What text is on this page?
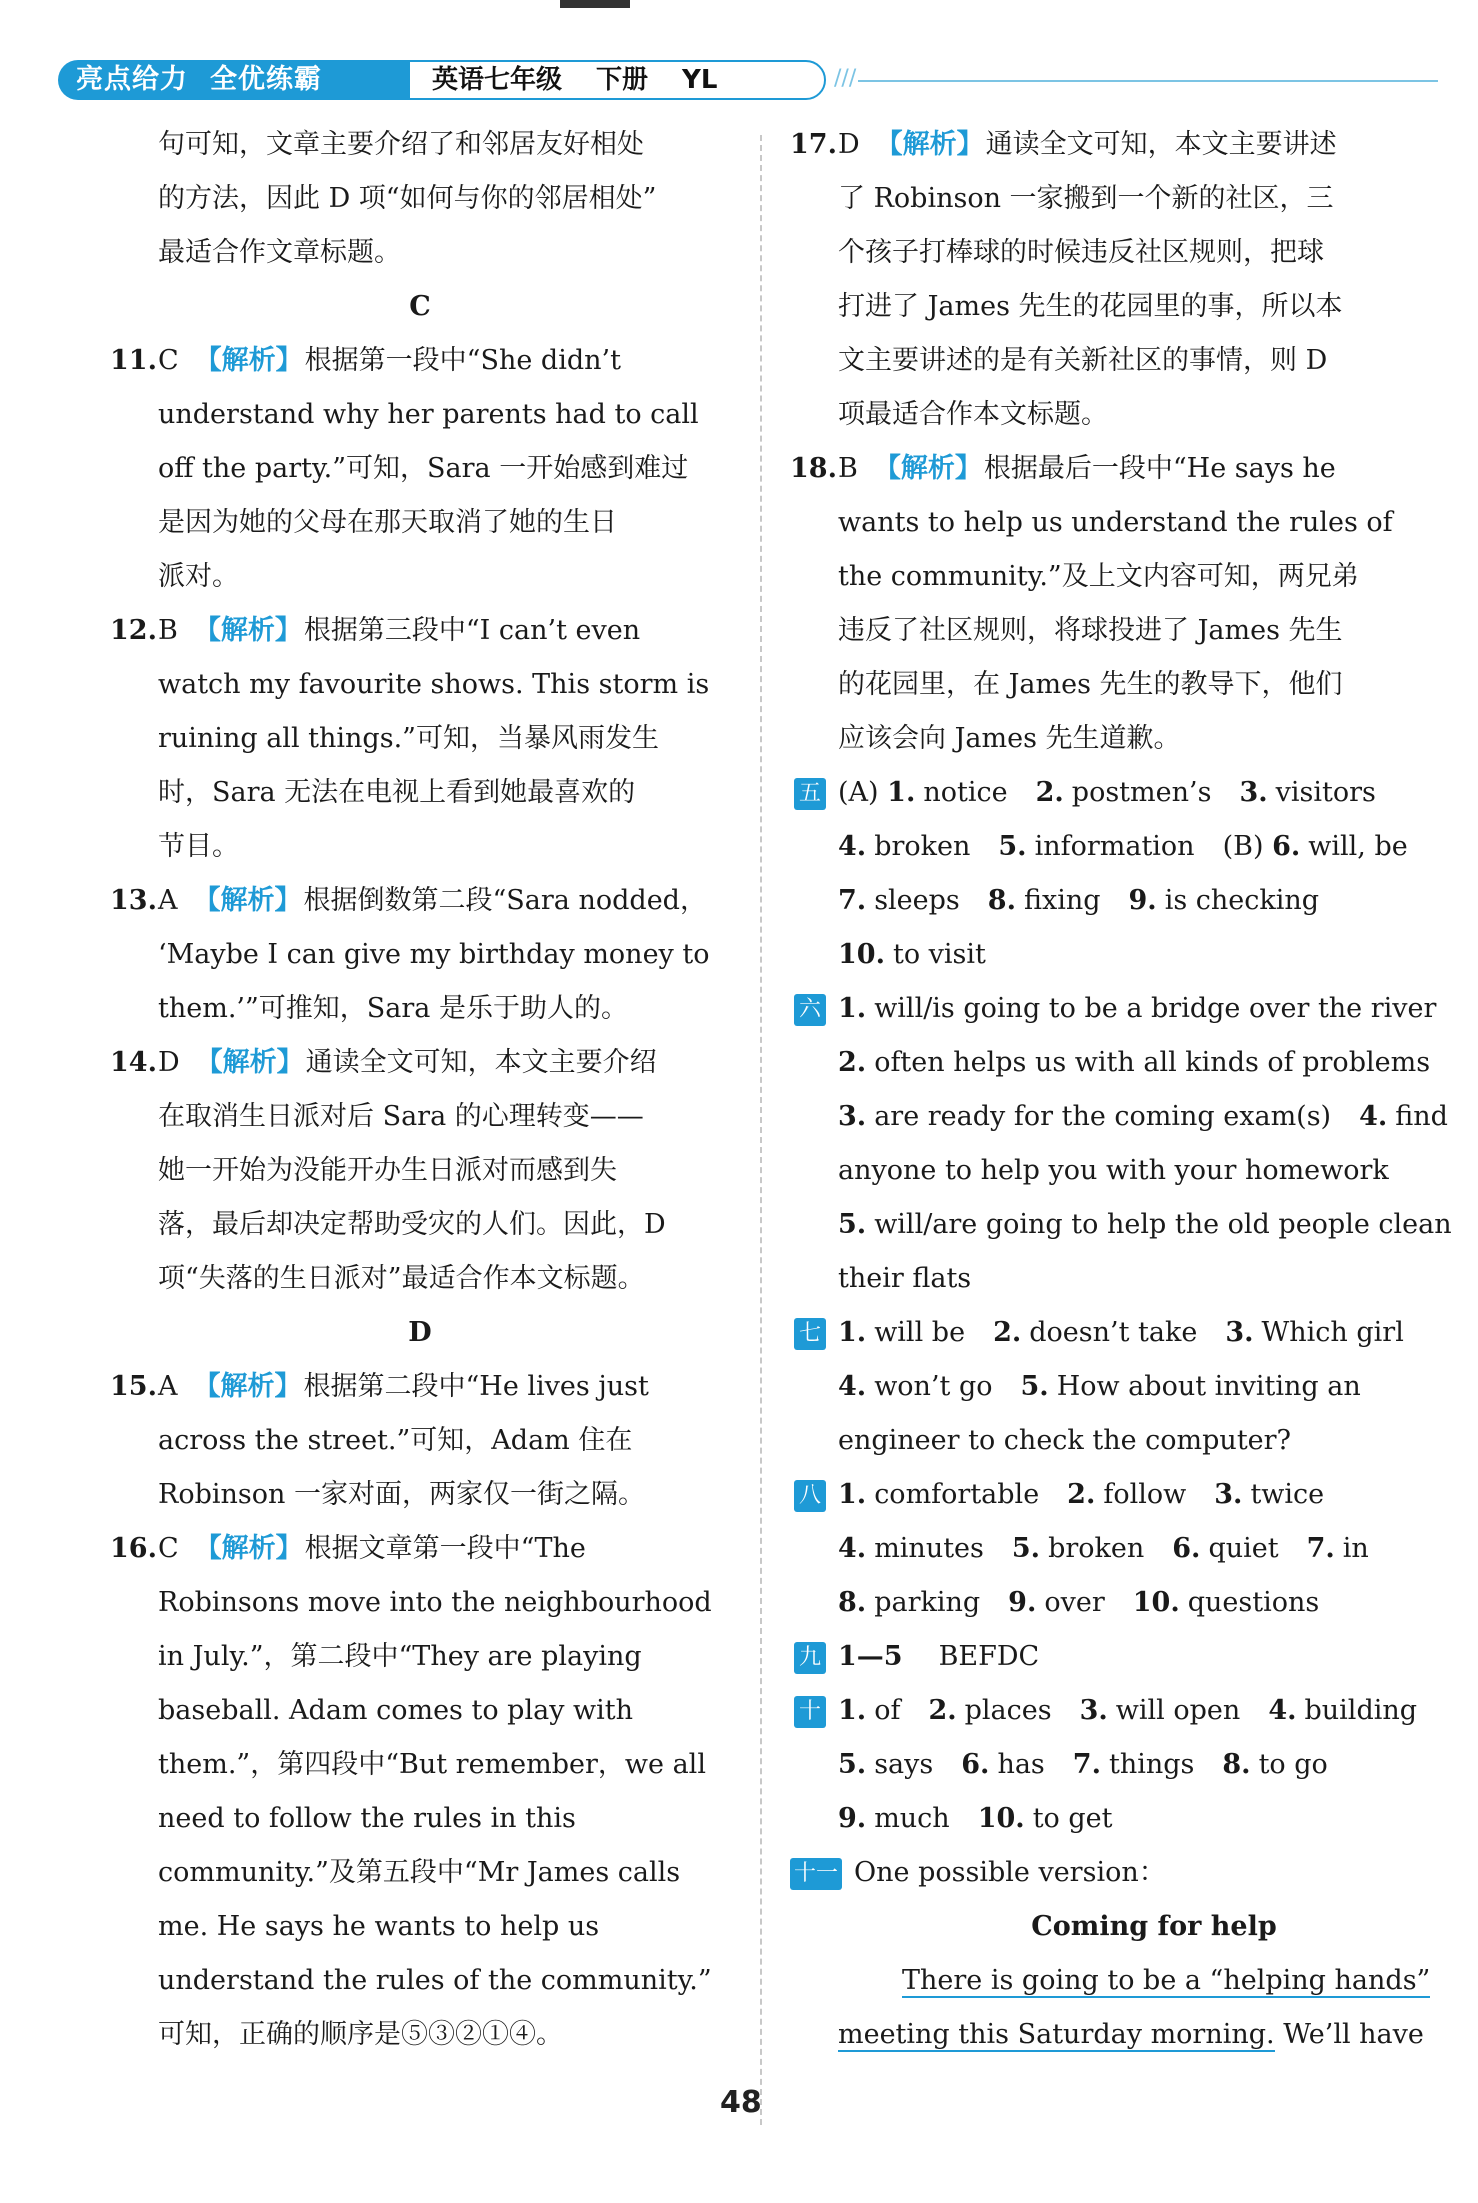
亮点给力 全优练霸	英语七年级 下册 YL	///
句可知，文章主要介绍了和邻居友好相处
的方法，因此 D 项“如何与你的邻居相处”
最适合作文章标题。
C
11. C 【解析】根据第一段中“She didn’t
understand why her parents had to call
off the party.”可知，Sara 一开始感到难过
是因为她的父母在那天取消了她的生日
派对。
12. B 【解析】根据第三段中“I can’t even
watch my favourite shows. This storm is
ruining all things.”可知，当暴风雨发生
时，Sara 无法在电视上看到她最喜欢的
节目。
13. A 【解析】根据倒数第二段“Sara nodded，
‘Maybe I can give my birthday money to
them.’”可推知，Sara 是乐于助人的。
14. D 【解析】通读全文可知，本文主要介绍
在取消生日派对后 Sara 的心理转变——
她一开始为没能开办生日派对而感到失
落，最后却决定帮助受灾的人们。因此，D
项“失落的生日派对”最适合作本文标题。
D
15. A 【解析】根据第二段中“He lives just
across the street.”可知，Adam 住在
Robinson 一家对面，两家仅一街之隔。
16. C 【解析】根据文章第一段中“The
Robinsons move into the neighbourhood
in July.”，第二段中“They are playing
baseball. Adam comes to play with
them.”，第四段中“But remember，we all
need to follow the rules in this
community.”及第五段中“Mr James calls
me. He says he wants to help us
understand the rules of the community.”
可知，正确的顺序是⑤③②①④。
17. D 【解析】通读全文可知，本文主要讲述
了 Robinson 一家搬到一个新的社区，三
个孩子打棒球的时候违反社区规则，把球
打进了 James 先生的花园里的事，所以本
文主要讲述的是有关新社区的事情，则 D
项最适合作本文标题。
18. B 【解析】根据最后一段中“He says he
wants to help us understand the rules of
the community.”及上文内容可知，两兄弟
违反了社区规则，将球投进了 James 先生
的花园里，在 James 先生的教导下，他们
应该会向 James 先生道歉。
五 (A) 1. notice 2. postmen’s 3. visitors
4. broken 5. information (B) 6. will, be
7. sleeps 8. fixing 9. is checking
10. to visit
六 1. will/is going to be a bridge over the river
2. often helps us with all kinds of problems
3. are ready for the coming exam(s) 4. find
anyone to help you with your homework
5. will/are going to help the old people clean
their flats
七 1. will be 2. doesn’t take 3. Which girl
4. won’t go 5. How about inviting an
engineer to check the computer?
八 1. comfortable 2. follow 3. twice
4. minutes 5. broken 6. quiet 7. in
8. parking 9. over 10. questions
九 1—5 BEFDC
十 1. of 2. places 3. will open 4. building
5. says 6. has 7. things 8. to go
9. much 10. to get
十一 One possible version：
Coming for help
There is going to be a “helping hands”
meeting this Saturday morning. We’ll have
48
